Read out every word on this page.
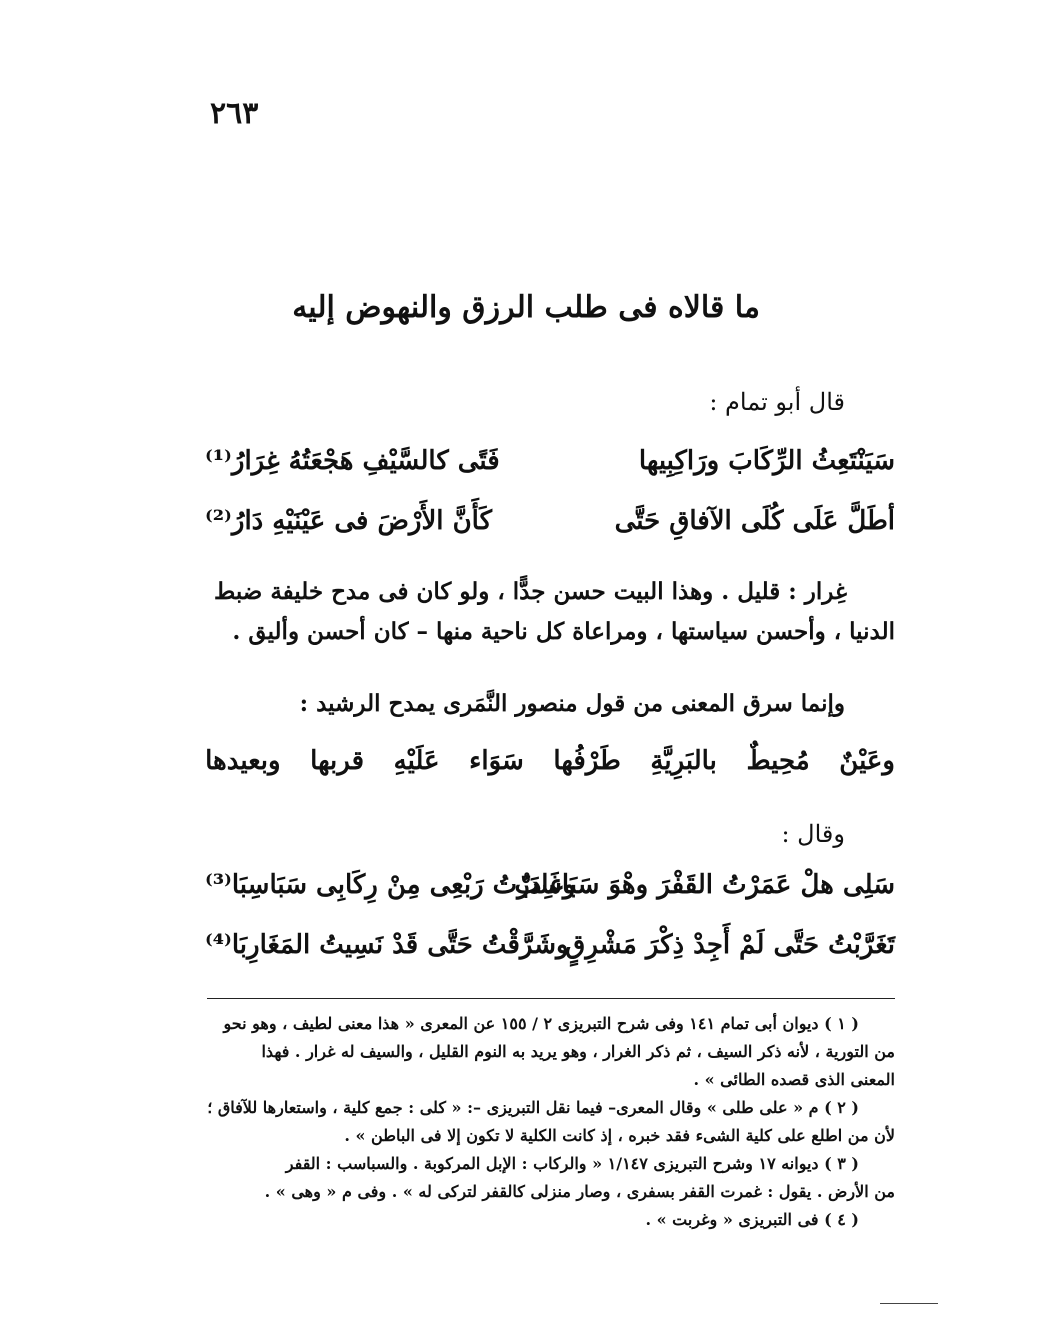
٢٦٣
ما قالاه فى طلب الرزق والنهوض إليه
قال أبو تمام :
سَيَنْتَعِثُ الرِّكَابَ ورَاكِبِيها
فَتًى كالسَّيْفِ هَجْعَتُهُ غِرَارُ⁽¹⁾
أطَلَّ عَلَى كُلَى الآفاقِ حَتَّى
كَأَنَّ الأَرْضَ فى عَيْنَيْهِ دَارُ⁽²⁾
غِرار : قليل . وهذا البيت حسن جدًّا ، ولو كان فى مدح خليفة ضبط
الدنيا ، وأحسن سياستها ، ومراعاة كل ناحية منها – كان أحسن وأليق .
وإنما سرق المعنى من قول منصور النَّمَرى يمدح الرشيد :
وعَيْنٌ
مُحِيطٌ
بالبَرِيَّةِ
طَرْفُها
سَوَاء
عَلَيْهِ
قربها
وبعيدها
وقال :
سَلِى هلْ عَمَرْتُ القَفْرَ وهْوَ سَبَاسِبٌ
وغَادَرْتُ رَبْعِى مِنْ رِكَابِى سَبَاسِبَا⁽³⁾
تَغَرَّبْتُ حَتَّى لَمْ أَجِدْ ذِكْرَ مَشْرِقٍ
وشَرَّقْتُ حَتَّى قَدْ نَسِيتُ المَغَارِبَا⁽⁴⁾
( ١ ) ديوان أبى تمام ١٤١ وفى شرح التبريزى ٢ / ١٥٥ عن المعرى « هذا معنى لطيف ، وهو نحو
من التورية ، لأنه ذكر السيف ، ثم ذكر الغرار ، وهو يريد به النوم القليل ، والسيف له غرار . فهذا
المعنى الذى قصده الطائى » .
( ٢ ) م « على طلى » وقال المعرى– فيما نقل التبريزى –: « كلى : جمع كلية ، واستعارها للآفاق ؛
لأن من اطلع على كلية الشىء فقد خبره ، إذ كانت الكلية لا تكون إلا فى الباطن » .
( ٣ ) ديوانه ١٧ وشرح التبريزى ١/١٤٧ « والركاب : الإبل المركوبة . والسباسب : القفر
من الأرض . يقول : غمرت القفر بسفرى ، وصار منزلى كالقفر لتركى له » . وفى م « وهى » .
( ٤ ) فى التبريزى « وغربت » .
